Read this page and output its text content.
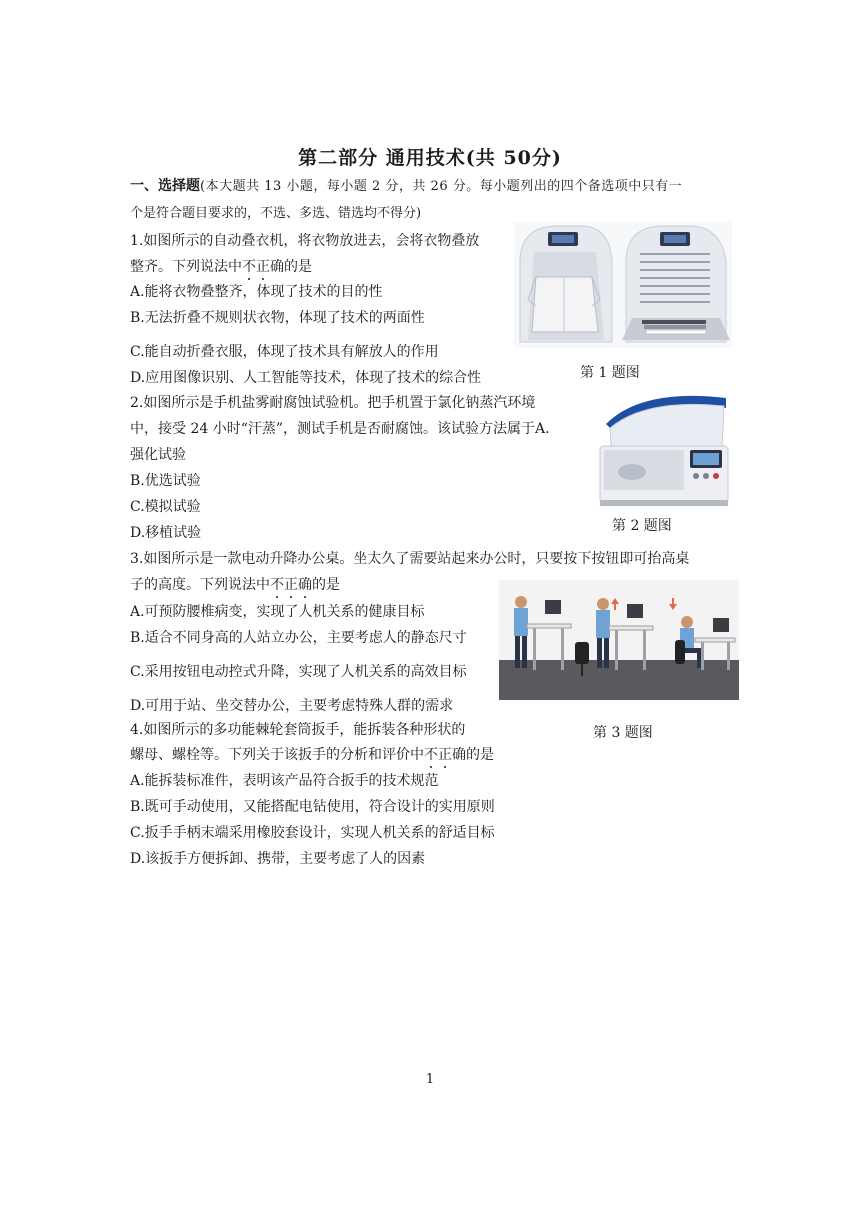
第二部分 通用技术(共 50分)
一、选择题(本大题共 13 小题，每小题 2 分，共 26 分。每小题列出的四个备选项中只有一
个是符合题目要求的，不选、多选、错选均不得分)
1.如图所示的自动叠衣机，将衣物放进去，会将衣物叠放
整齐。下列说法中不正确的是
A.能将衣物叠整齐，体现了技术的目的性
B.无法折叠不规则状衣物，体现了技术的两面性
C.能自动折叠衣服，体现了技术具有解放人的作用
D.应用图像识别、人工智能等技术，体现了技术的综合性	第 1 题图
2.如图所示是手机盐雾耐腐蚀试验机。把手机置于氯化钠蒸汽环境
中，接受 24 小时“汗蒸”，测试手机是否耐腐蚀。该试验方法属于A.
强化试验
B.优选试验
C.模拟试验
D.移植试验	第 2 题图
3.如图所示是一款电动升降办公桌。坐太久了需要站起来办公时，只要按下按钮即可抬高桌
子的高度。下列说法中不正确的是
A.可预防腰椎病变，实现了人机关系的健康目标
B.适合不同身高的人站立办公，主要考虑人的静态尺寸
C.采用按钮电动控式升降，实现了人机关系的高效目标
D.可用于站、坐交替办公，主要考虑特殊人群的需求
第 3 题图
4.如图所示的多功能棘轮套筒扳手，能拆装各种形状的
螺母、螺栓等。下列关于该扳手的分析和评价中不正确的是
A.能拆装标准件，表明该产品符合扳手的技术规范
B.既可手动使用，又能搭配电钻使用，符合设计的实用原则
C.扳手手柄末端采用橡胶套设计，实现人机关系的舒适目标
D.该扳手方便拆卸、携带，主要考虑了人的因素
1
